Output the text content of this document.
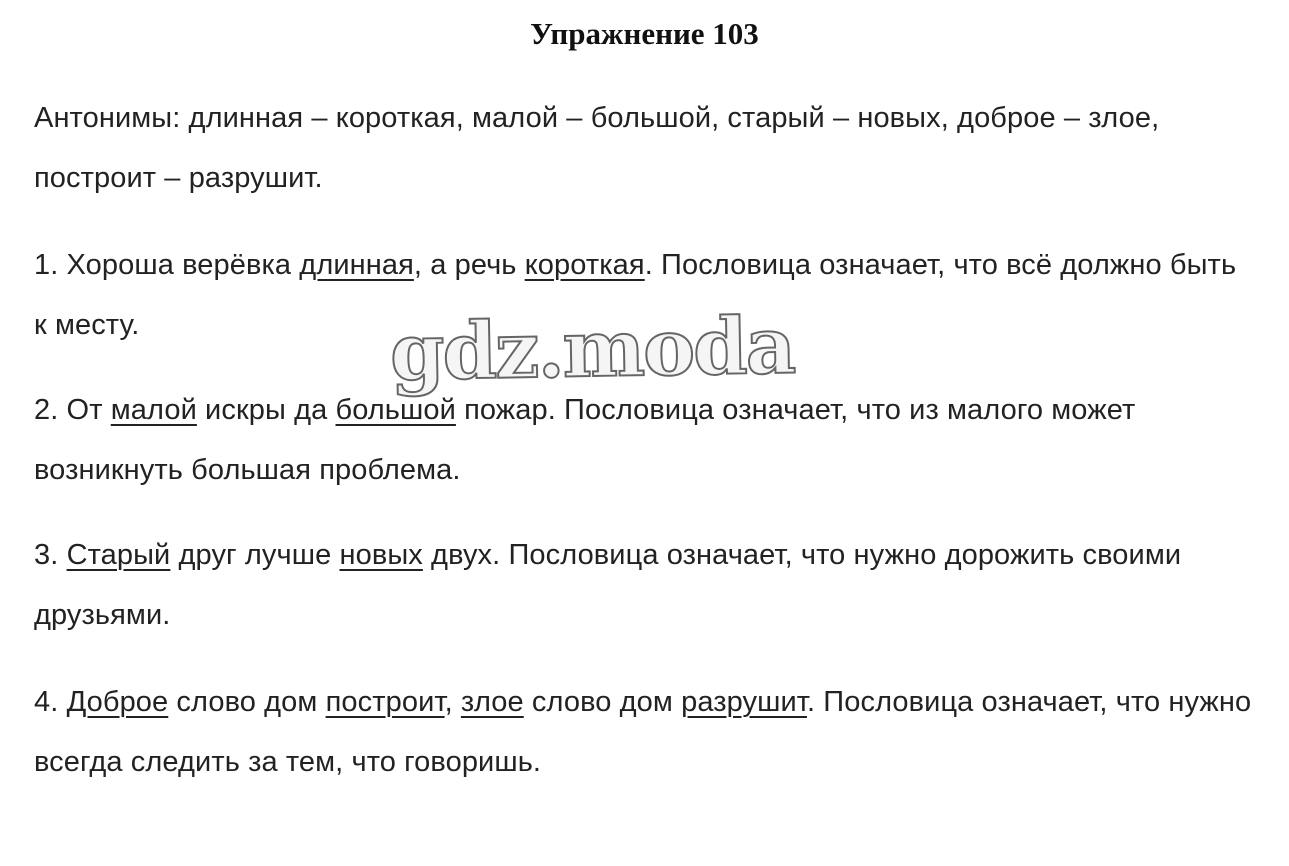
Упражнение 103
Антонимы: длинная – короткая, малой – большой, старый – новых, доброе – злоe, построит – разрушит.
1. Хороша верёвка длинная, а речь короткая. Пословица означает, что всё должно быть к месту.
2. От малой искры да большой пожар. Пословица означает, что из малого может возникнуть большая проблема.
3. Старый друг лучше новых двух. Пословица означает, что нужно дорожить своими друзьями.
4. Доброе слово дом построит, злое слово дом разрушит. Пословица означает, что нужно всегда следить за тем, что говоришь.
gdz.moda
